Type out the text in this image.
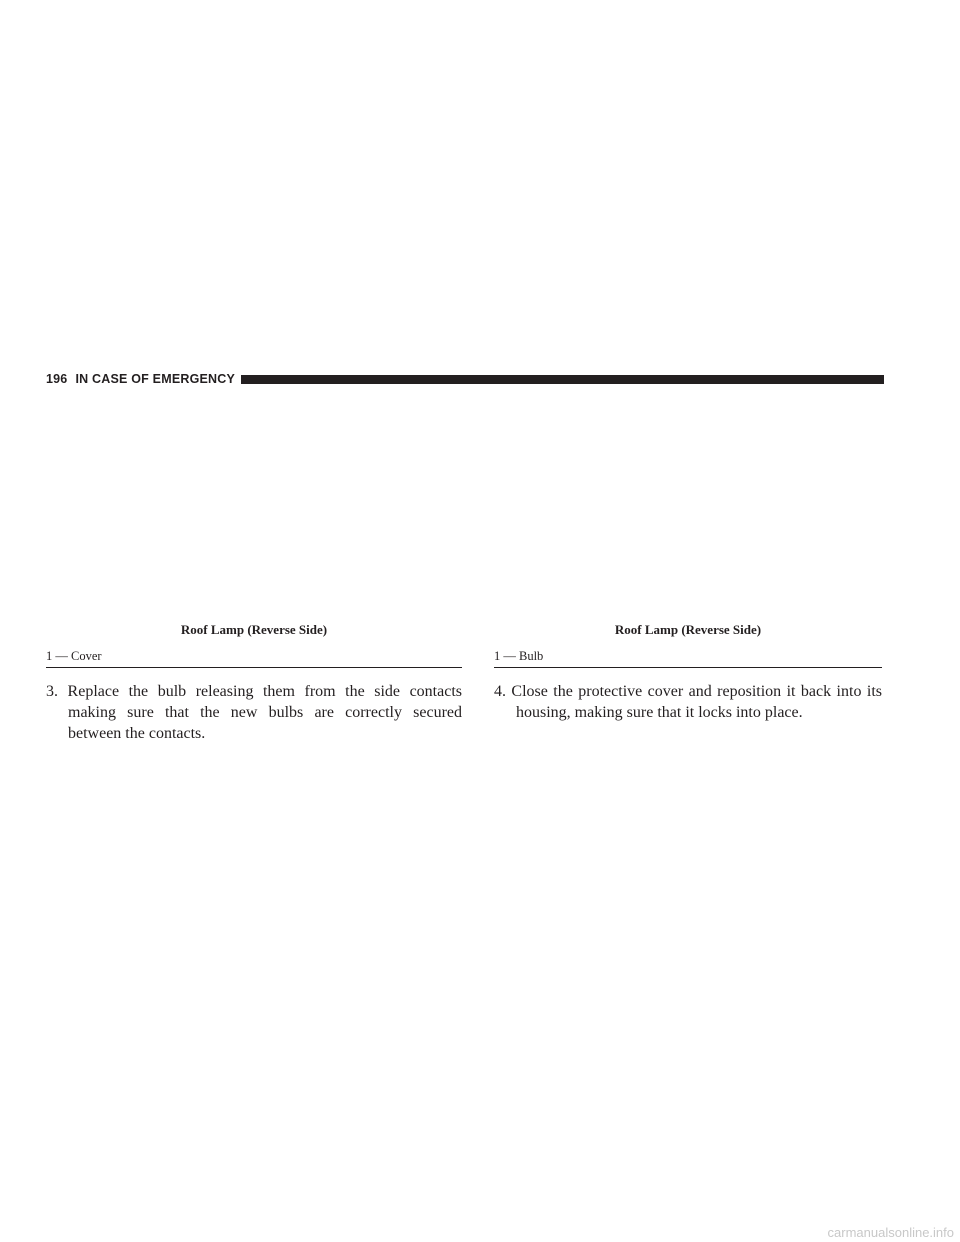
196 IN CASE OF EMERGENCY
Roof Lamp (Reverse Side)
1 — Cover

3. Replace the bulb releasing them from the side contacts making sure that the new bulbs are correctly secured between the contacts.

Roof Lamp (Reverse Side)
1 — Bulb

4. Close the protective cover and reposition it back into its housing, making sure that it locks into place.

carmanualsonline.info
